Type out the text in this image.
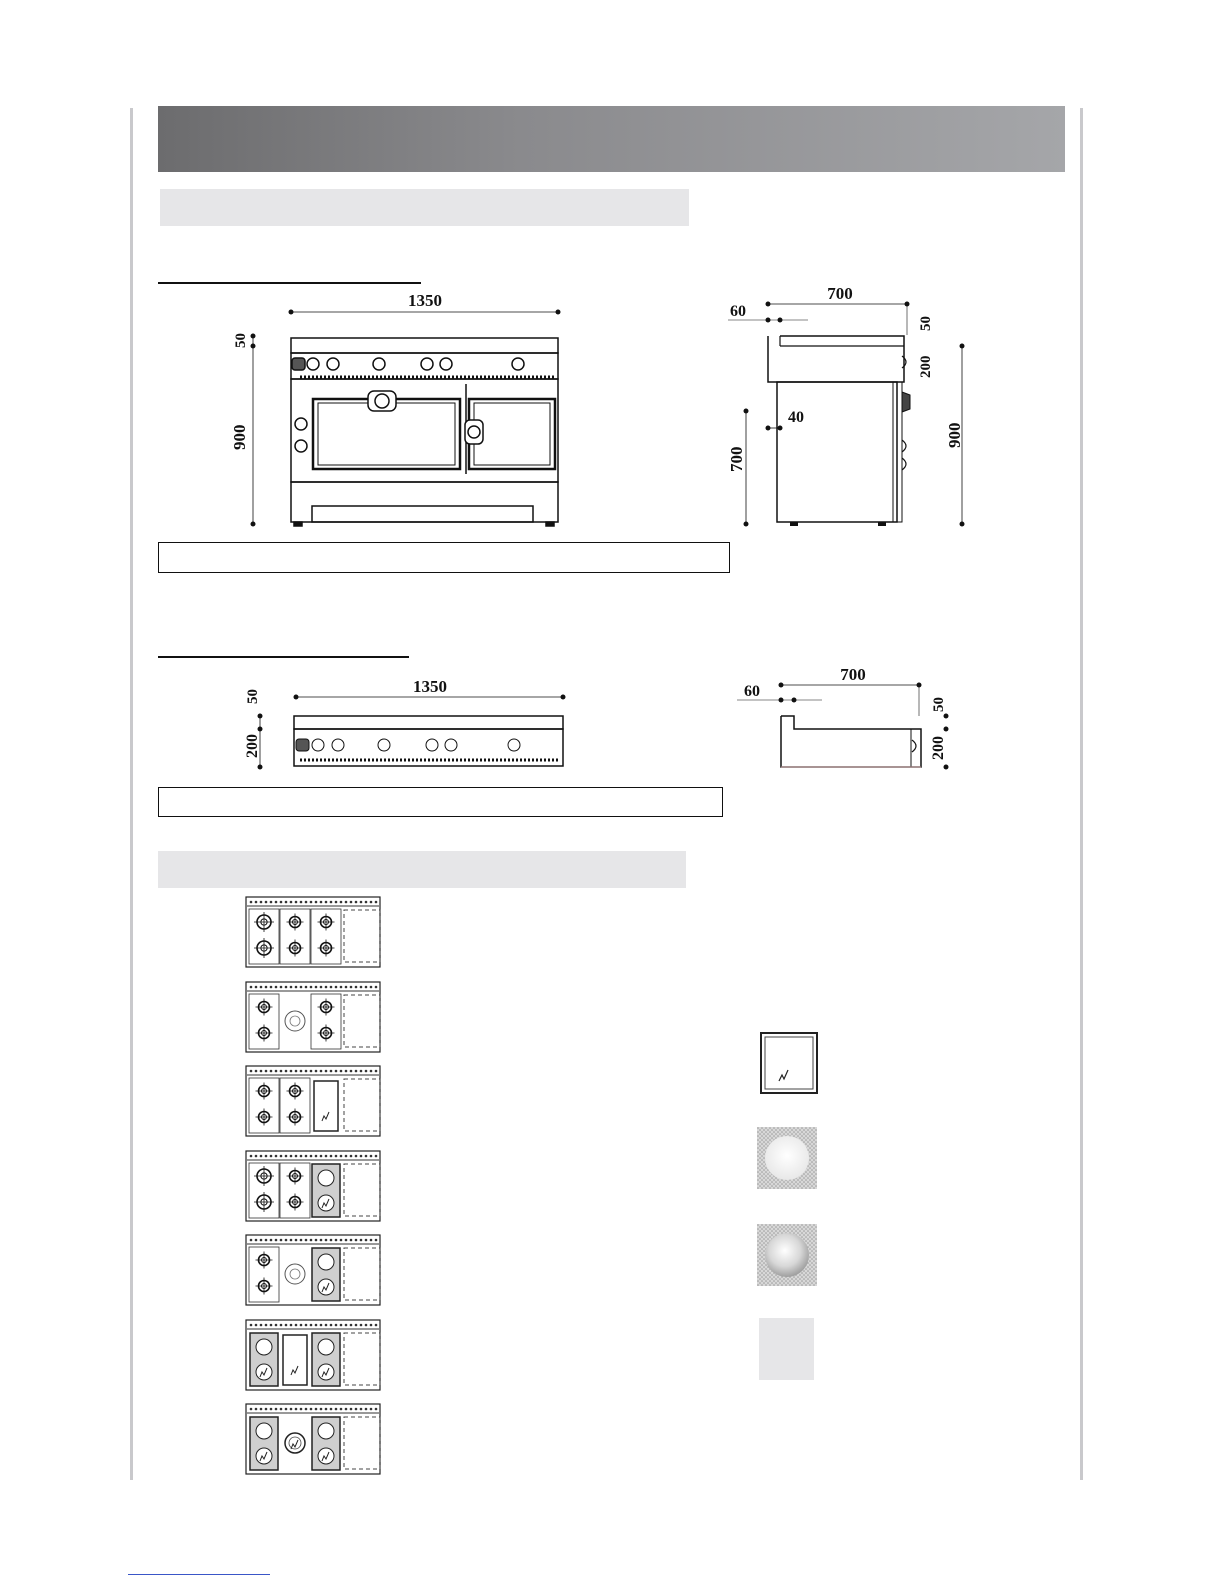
1350
50
900
700
60
50
200
900
700
40
1350
50
200
700
60
50
200
